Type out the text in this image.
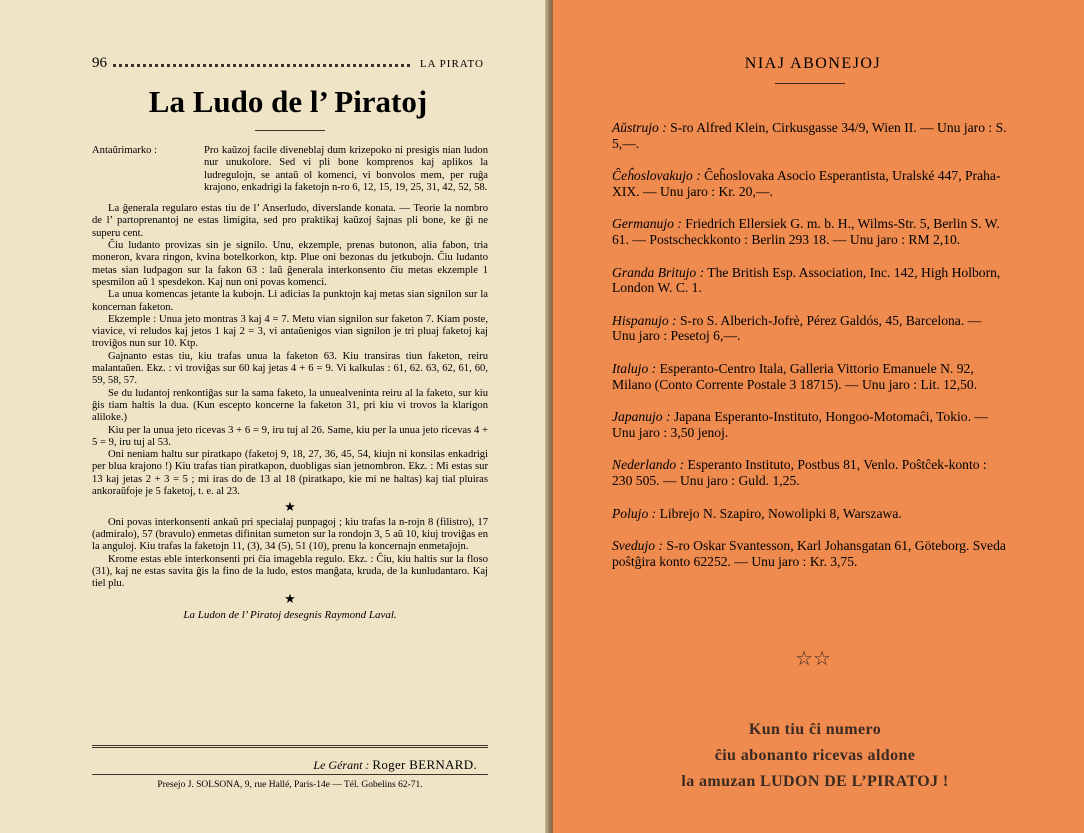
96	LA PIRATO
La Ludo de l’ Piratoj
Antaŭrimarko :	Pro kaŭzoj facile diveneblaj dum krizepoko ni presigis nian ludon nur unukolore. Sed vi pli bone komprenos kaj aplikos la ludregulojn, se antaŭ ol komenci, vi bonvolos mem, per ruĝa krajono, enkadrigi la faketojn n-ro 6, 12, 15, 19, 25, 31, 42, 52, 58.

La ĝenerala regularo estas tiu de l’ Anserludo, diverslande konata. — Teorie la nombro de l’ partoprenantoj ne estas limigita, sed pro praktikaj kaŭzoj ŝajnas pli bone, ke ĝi ne superu cent.

Ĉiu ludanto provizas sin je signilo. Unu, ekzemple, prenas butonon, alia fabon, tria moneron, kvara ringon, kvina botelkorkon, ktp. Plue oni bezonas du jetkubojn. Ĉiu ludanto metas sian ludpagon sur la fakon 63 : laŭ ĝenerala interkonsento ĉiu metas ekzemple 1 spesmilon aŭ 1 spesdekon. Kaj nun oni povas komenci.

La unua komencas jetante la kubojn. Li adicias la punktojn kaj metas sian signilon sur la koncernan faketon.

Ekzemple : Unua jeto montras 3 kaj 4 = 7. Metu vian signilon sur faketon 7. Kiam poste, viavice, vi reludos kaj jetos 1 kaj 2 = 3, vi antaŭenigos vian signilon je tri pluaj faketoj kaj troviĝos nun sur 10. Ktp.

Gajnanto estas tiu, kiu trafas unua la faketon 63. Kiu transiras tiun faketon, reiru malantaŭen. Ekz. : vi troviĝas sur 60 kaj jetas 4 + 6 = 9. Vi kalkulas : 61, 62. 63, 62, 61, 60, 59, 58, 57.

Se du ludantoj renkontiĝas sur la sama faketo, la unuealveninta reiru al la faketo, sur kiu ĝis tiam haltis la dua. (Kun escepto koncerne la faketon 31, pri kiu vi trovos la klarigon aliloke.)

Kiu per la unua jeto ricevas 3 + 6 = 9, iru tuj al 26. Same, kiu per la unua jeto ricevas 4 + 5 = 9, iru tuj al 53.

Oni neniam haltu sur piratkapo (faketoj 9, 18, 27, 36, 45, 54, kiujn ni konsilas enkadrigi per blua krajono !) Kiu trafas tian piratkapon, duobligas sian jetnombron. Ekz. : Mi estas sur 13 kaj jetas 2 + 3 = 5 ; mi iras do de 13 al 18 (piratkapo, kie mi ne haltas) kaj tial pluiras ankoraŭfoje je 5 faketoj, t. e. al 23.

★

Oni povas interkonsenti ankaŭ pri specialaj punpagoj ; kiu trafas la n-rojn 8 (filistro), 17 (admiralo), 57 (bravulo) enmetas difinitan sumeton sur la rondojn 3, 5 aŭ 10, kiuj troviĝas en la anguloj. Kiu trafas la faketojn 11, (3), 34 (5), 51 (10), prenu la koncernajn enmetaĵojn.

Krome estas eble interkonsenti pri ĉia imagebla regulo. Ekz. : Ĉiu, kiu haltis sur la floso (31), kaj ne estas savita ĝis la fino de la ludo, estos manĝata, kruda, de la kunludantaro. Kaj tiel plu.

★
La Ludon de l’ Piratoj desegnis Raymond Laval.
Le Gérant : Roger BERNARD.
Presejo J. SOLSONA, 9, rue Hallé, Paris-14e — Tél. Gobelins 62-71.
NIAJ ABONEJOJ
Aŭstrujo : S-ro Alfred Klein, Cirkusgasse 34/9, Wien II. — Unu jaro : S. 5,—.
Ĉeĥoslovakujo : Ĉeĥoslovaka Asocio Esperantista, Uralské 447, Praha-XIX. — Unu jaro : Kr. 20,—.
Germanujo : Friedrich Ellersiek G. m. b. H., Wilms-Str. 5, Berlin S. W. 61. — Postscheckkonto : Berlin 293 18. — Unu jaro : RM 2,10.
Granda Britujo : The British Esp. Association, Inc. 142, High Holborn, London W. C. 1.
Hispanujo : S-ro S. Alberich-Jofrè, Pérez Galdós, 45, Barcelona. — Unu jaro : Pesetoj 6,—.
Italujo : Esperanto-Centro Itala, Galleria Vittorio Emanuele N. 92, Milano (Conto Corrente Postale 3 18715). — Unu jaro : Lit. 12,50.
Japanujo : Japana Esperanto-Instituto, Hongoo-Motomaĉi, Tokio. — Unu jaro : 3,50 jenoj.
Nederlando : Esperanto Instituto, Postbus 81, Venlo. Poŝtĉek-konto : 230 505. — Unu jaro : Guld. 1,25.
Polujo : Librejo N. Szapiro, Nowolipki 8, Warszawa.
Svedujo : S-ro Oskar Svantesson, Karl Johansgatan 61, Göteborg. Sveda poŝtĝira konto 62252. — Unu jaro : Kr. 3,75.
☆☆
Kun tiu ĉi numero
ĉiu abonanto ricevas aldone
la amuzan LUDON DE L’PIRATOJ !
